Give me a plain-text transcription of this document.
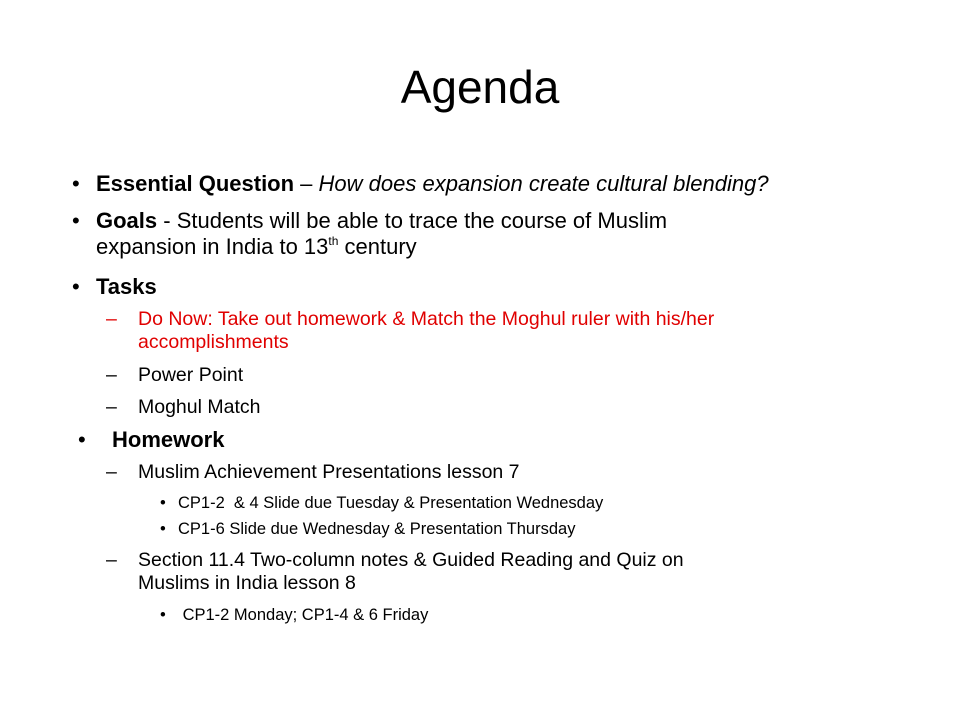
Agenda
• Essential Question – How does expansion create cultural blending?
• Goals - Students will be able to trace the course of Muslim
expansion in India to 13th century
• Tasks
– Do Now: Take out homework & Match the Moghul ruler with his/her
accomplishments
– Power Point
– Moghul Match
• Homework
– Muslim Achievement Presentations lesson 7
• CP1-2  & 4 Slide due Tuesday & Presentation Wednesday
• CP1-6 Slide due Wednesday & Presentation Thursday
– Section 11.4 Two-column notes & Guided Reading and Quiz on
Muslims in India lesson 8
• CP1-2 Monday; CP1-4 & 6 Friday
